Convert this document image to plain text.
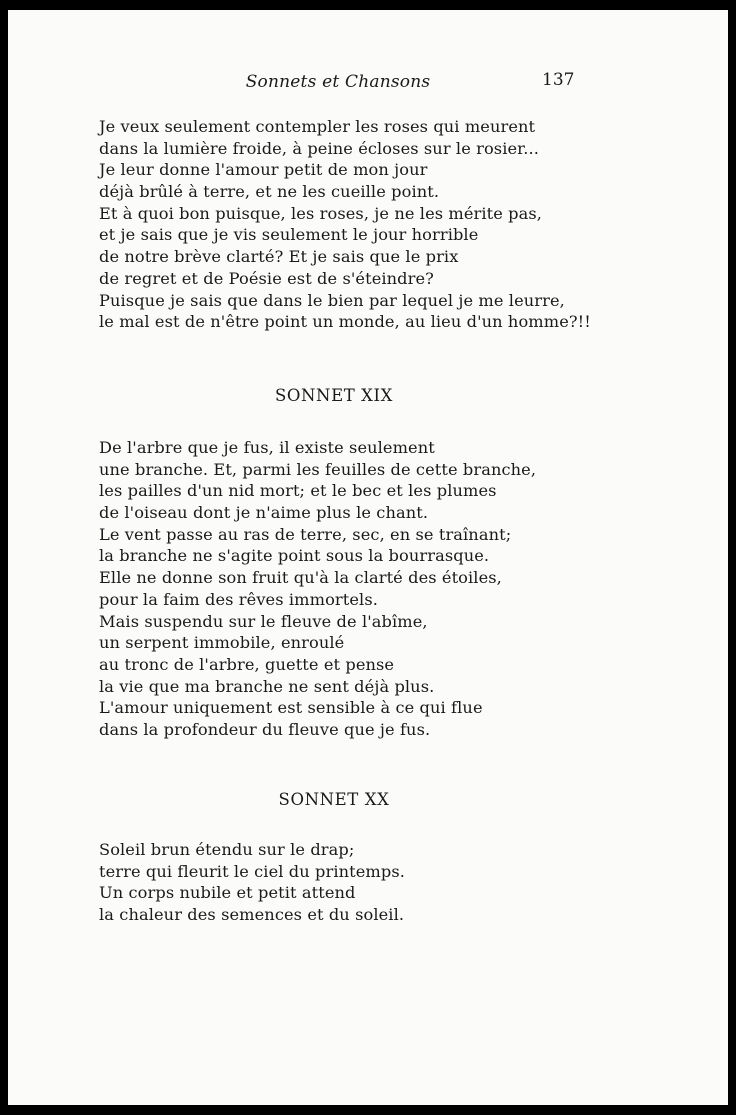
Sonnets et Chansons	137

Je veux seulement contempler les roses qui meurent
dans la lumière froide, à peine écloses sur le rosier...
Je leur donne l'amour petit de mon jour
déjà brûlé à terre, et ne les cueille point.
Et à quoi bon puisque, les roses, je ne les mérite pas,
et je sais que je vis seulement le jour horrible
de notre brève clarté? Et je sais que le prix
de regret et de Poésie est de s'éteindre?
Puisque je sais que dans le bien par lequel je me leurre,
le mal est de n'être point un monde, au lieu d'un homme?!!
SONNET XIX
De l'arbre que je fus, il existe seulement
une branche. Et, parmi les feuilles de cette branche,
les pailles d'un nid mort; et le bec et les plumes
de l'oiseau dont je n'aime plus le chant.
Le vent passe au ras de terre, sec, en se traînant;
la branche ne s'agite point sous la bourrasque.
Elle ne donne son fruit qu'à la clarté des étoiles,
pour la faim des rêves immortels.
Mais suspendu sur le fleuve de l'abîme,
un serpent immobile, enroulé
au tronc de l'arbre, guette et pense
la vie que ma branche ne sent déjà plus.
L'amour uniquement est sensible à ce qui flue
dans la profondeur du fleuve que je fus.
SONNET XX
Soleil brun étendu sur le drap;
terre qui fleurit le ciel du printemps.
Un corps nubile et petit attend
la chaleur des semences et du soleil.
